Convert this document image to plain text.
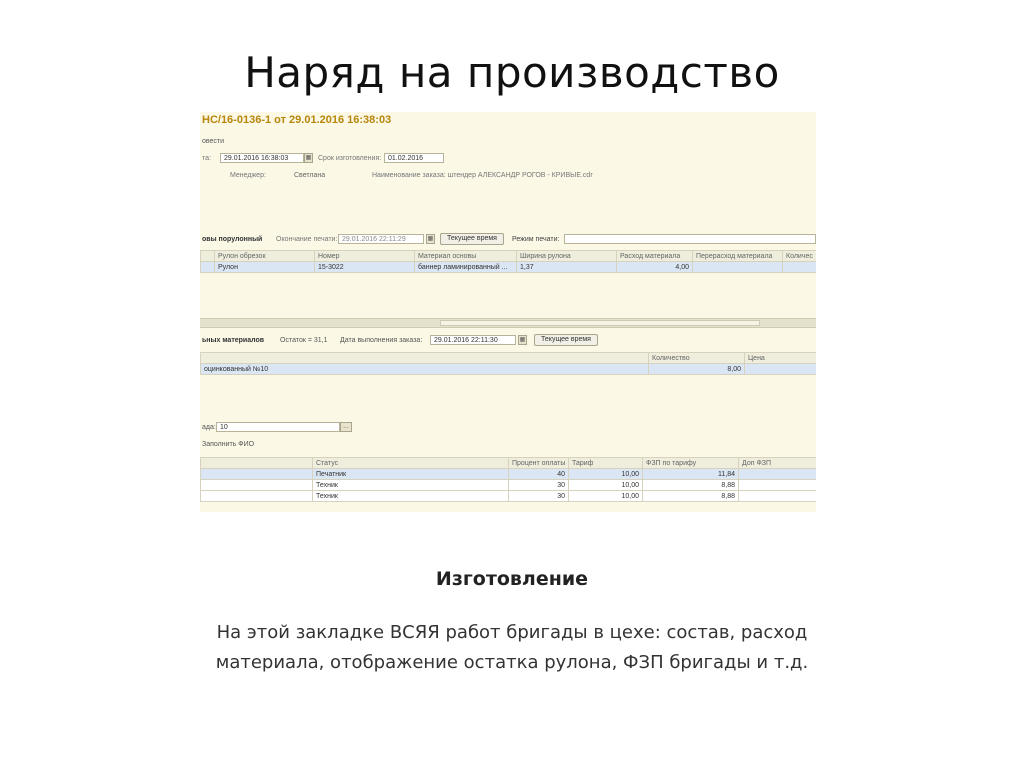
Наряд на производство
НС/16-0136-1 от 29.01.2016 16:38:03
овести
та:	29.01.2016 16:38:03	▦ Срок изготовления: 01.02.2016
Менеджер:	Светлана	Наименование заказа: штендер АЛЕКСАНДР РОГОВ - КРИВЫЕ.cdr
овы порулонный Окончание печати: 29.01.2016 22:11:29	▦	Текущее время	Режим печати:
	Рулон обрезок	Номер	Материал основы	Ширина рулона	Расход материала	Перерасход материала	Количес
	Рулон	15-3022	баннер ламинированный ...	1,37	4,00		
ьных материалов Остаток = 31,1 Дата выполнения заказа:	29.01.2016 22:11:30	▦	Текущее время
	Количество	Цена
оцинкованный №10	8,00	
ада: 10	…
Заполнить ФИО
	Статус	Процент оплаты	Тариф	ФЗП по тарифу	Доп ФЗП
	Печатник	40	10,00	11,84	
	Техник	30	10,00	8,88	
	Техник	30	10,00	8,88	
Изготовление
На этой закладке ВСЯЯ работ бригады в цехе: состав, расход материала, отображение остатка рулона, ФЗП бригады и т.д.
